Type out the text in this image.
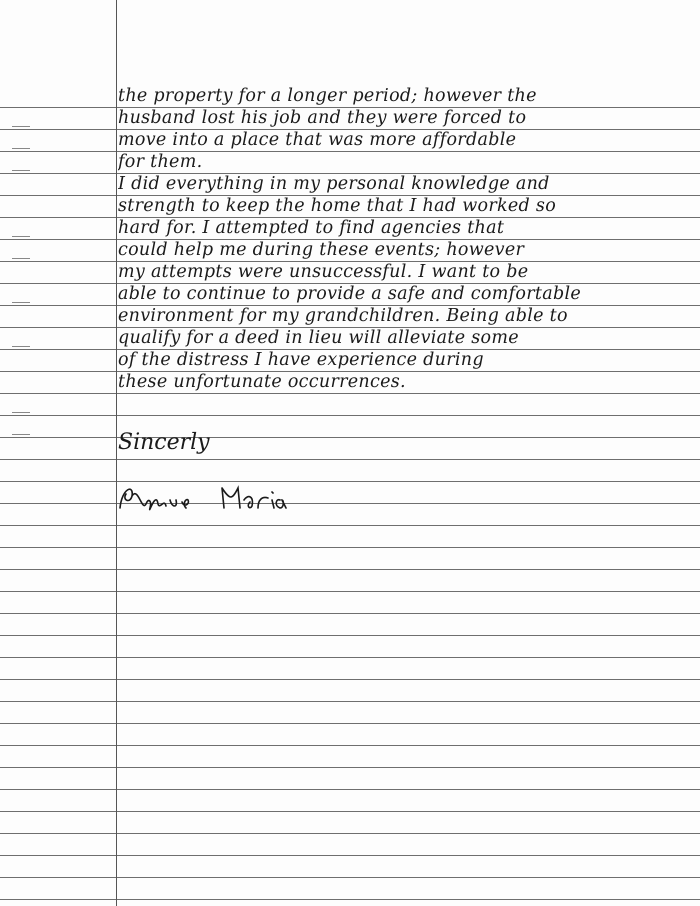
the property for a longer period; however the
husband lost his job and they were forced to
move into a place that was more affordable
for them.
I did everything in my personal knowledge and
strength to keep the home that I had worked so
hard for. I attempted to find agencies that
could help me during these events; however
my attempts were unsuccessful. I want to be
able to continue to provide a safe and comfortable
environment for my grandchildren. Being able to
qualify for a deed in lieu will alleviate some
of the distress I have experience during
these unfortunate occurrences.
Sincerly
